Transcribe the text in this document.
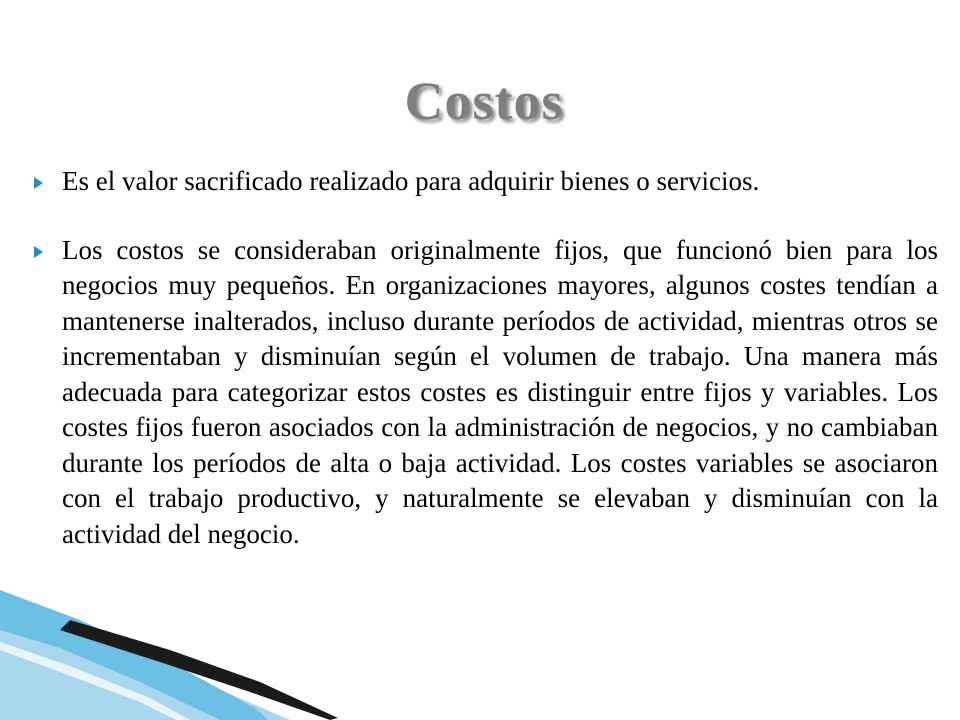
Costos
Es el valor sacrificado realizado para adquirir bienes o servicios.
Los costos se consideraban originalmente fijos, que funcionó bien para los negocios muy pequeños. En organizaciones mayores, algunos costes tendían a mantenerse inalterados, incluso durante períodos de actividad, mientras otros se incrementaban y disminuían según el volumen de trabajo. Una manera más adecuada para categorizar estos costes es distinguir entre fijos y variables. Los costes fijos fueron asociados con la administración de negocios, y no cambiaban durante los períodos de alta o baja actividad. Los costes variables se asociaron con el trabajo productivo, y naturalmente se elevaban y disminuían con la actividad del negocio.
